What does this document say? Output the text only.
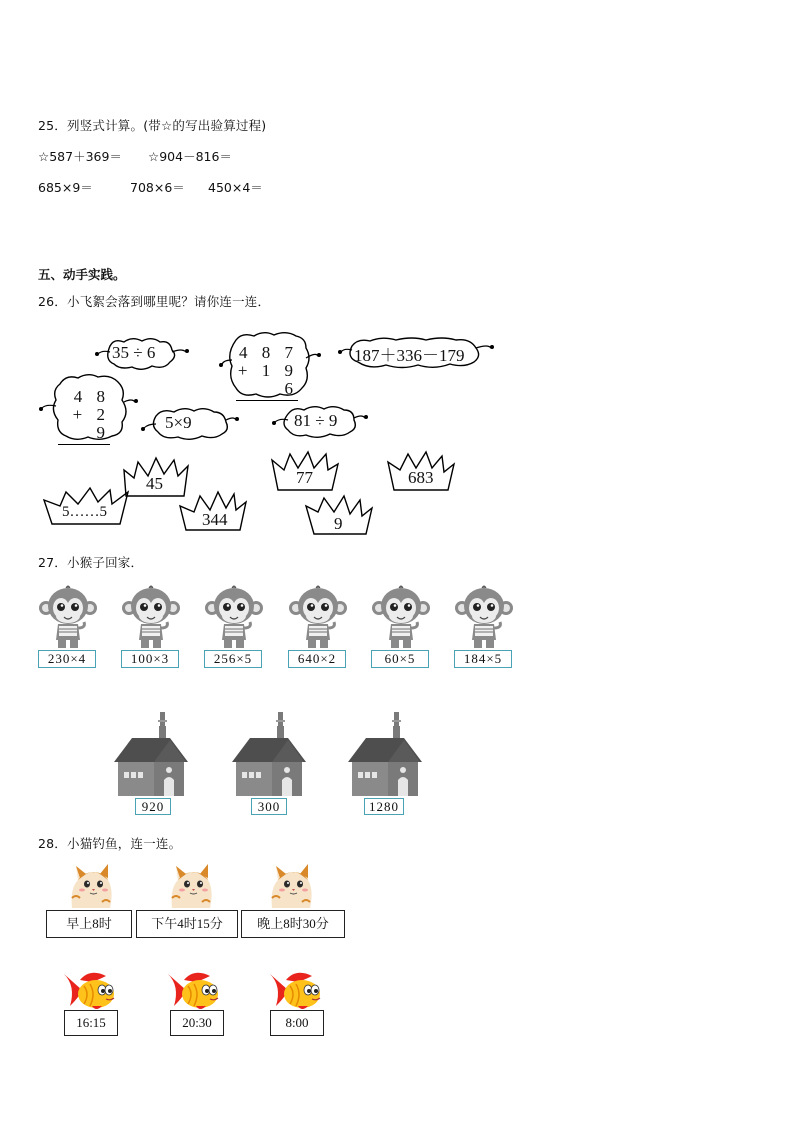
25．列竖式计算。(带☆的写出验算过程)
☆587＋369＝ ☆904－816＝
685×9＝	708×6＝ 450×4＝
五、动手实践。
26．小飞絮会落到哪里呢？请你连一连．
35 ÷ 6	4 8 7
+ 1 9 6
187＋336－179
4 8
+ 2 9
5×9	81 ÷ 9
45	77	683
5……5	344	9
27．小猴子回家．
230×4	100×3	256×5	640×2	60×5	184×5
920	300	1280
28．小猫钓鱼，连一连。
早上8时	下午4时15分	晚上8时30分
16:15	20:30	8:00
